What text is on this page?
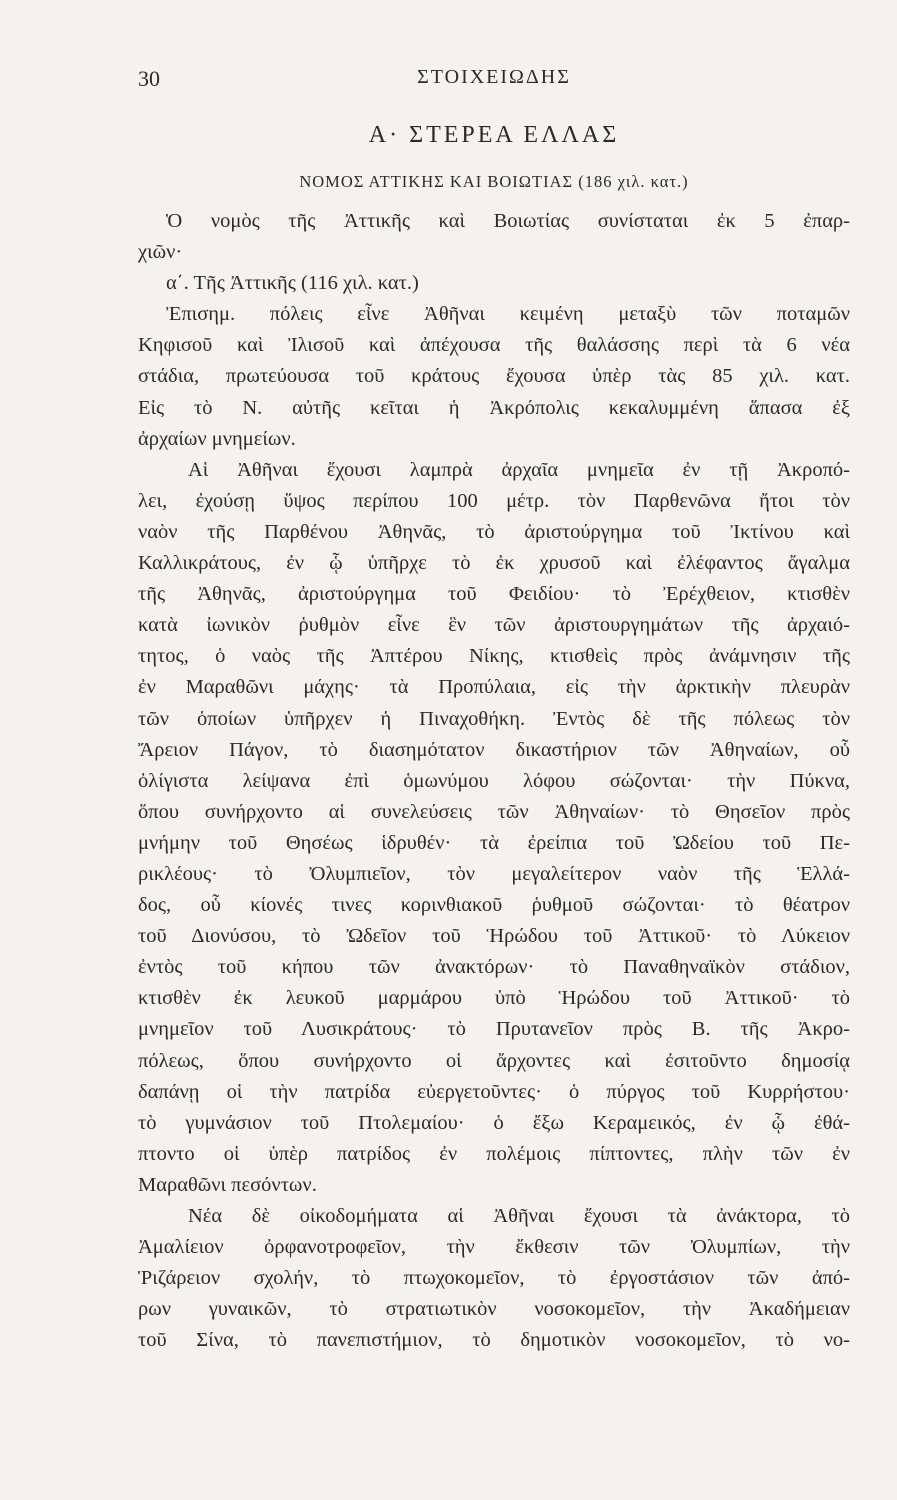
30	ΣΤΟΙΧΕΙΩΔΗΣ
Α· ΣΤΕΡΕΑ ΕΛΛΑΣ
ΝΟΜΟΣ ΑΤΤΙΚΗΣ ΚΑΙ ΒΟΙΩΤΙΑΣ (186 χιλ. κατ.)
Ὁ νομὸς τῆς Ἀττικῆς καὶ Βοιωτίας συνίσταται ἐκ 5 ἐπαρ-
χιῶν·
α΄. Τῆς Ἀττικῆς (116 χιλ. κατ.)
Ἐπισημ. πόλεις εἶνε Ἀθῆναι κειμένη μεταξὺ τῶν ποταμῶν
Κηφισοῦ καὶ Ἰλισοῦ καὶ ἀπέχουσα τῆς θαλάσσης περὶ τὰ 6 νέα
στάδια, πρωτεύουσα τοῦ κράτους ἔχουσα ὑπὲρ τὰς 85 χιλ. κατ.
Εἰς τὸ Ν. αὐτῆς κεῖται ἡ Ἀκρόπολις κεκαλυμμένη ἅπασα ἐξ
ἀρχαίων μνημείων.
Αἱ Ἀθῆναι ἔχουσι λαμπρὰ ἀρχαῖα μνημεῖα ἐν τῇ Ἀκροπό-
λει, ἐχούσῃ ὕψος περίπου 100 μέτρ. τὸν Παρθενῶνα ἤτοι τὸν
ναὸν τῆς Παρθένου Ἀθηνᾶς, τὸ ἀριστούργημα τοῦ Ἰκτίνου καὶ
Καλλικράτους, ἐν ᾧ ὑπῆρχε τὸ ἐκ χρυσοῦ καὶ ἐλέφαντος ἄγαλμα
τῆς Ἀθηνᾶς, ἀριστούργημα τοῦ Φειδίου· τὸ Ἐρέχθειον, κτισθὲν
κατὰ ἰωνικὸν ῥυθμὸν εἶνε ἓν τῶν ἀριστουργημάτων τῆς ἀρχαιό-
τητος, ὁ ναὸς τῆς Ἀπτέρου Νίκης, κτισθεὶς πρὸς ἀνάμνησιν τῆς
ἐν Μαραθῶνι μάχης· τὰ Προπύλαια, εἰς τὴν ἀρκτικὴν πλευρὰν
τῶν ὁποίων ὑπῆρχεν ἡ Πιναχοθήκη. Ἐντὸς δὲ τῆς πόλεως τὸν
Ἄρειον Πάγον, τὸ διασημότατον δικαστήριον τῶν Ἀθηναίων, οὗ
ὀλίγιστα λείψανα ἐπὶ ὁμωνύμου λόφου σώζονται· τὴν Πύκνα,
ὅπου συνήρχοντο αἱ συνελεύσεις τῶν Ἀθηναίων· τὸ Θησεῖον πρὸς
μνήμην τοῦ Θησέως ἱδρυθέν· τὰ ἐρείπια τοῦ Ὠδείου τοῦ Πε-
ρικλέους· τὸ Ὀλυμπιεῖον, τὸν μεγαλείτερον ναὸν τῆς Ἑλλά-
δος, οὗ κίονές τινες κορινθιακοῦ ῥυθμοῦ σώζονται· τὸ θέατρον
τοῦ Διονύσου, τὸ Ὠδεῖον τοῦ Ἡρώδου τοῦ Ἀττικοῦ· τὸ Λύκειον
ἐντὸς τοῦ κήπου τῶν ἀνακτόρων· τὸ Παναθηναϊκὸν στάδιον,
κτισθὲν ἐκ λευκοῦ μαρμάρου ὑπὸ Ἡρώδου τοῦ Ἀττικοῦ· τὸ
μνημεῖον τοῦ Λυσικράτους· τὸ Πρυτανεῖον πρὸς Β. τῆς Ἀκρο-
πόλεως, ὅπου συνήρχοντο οἱ ἄρχοντες καὶ ἐσιτοῦντο δημοσίᾳ
δαπάνῃ οἱ τὴν πατρίδα εὐεργετοῦντες· ὁ πύργος τοῦ Κυρρήστου·
τὸ γυμνάσιον τοῦ Πτολεμαίου· ὁ ἔξω Κεραμεικός, ἐν ᾧ ἐθά-
πτοντο οἱ ὑπὲρ πατρίδος ἐν πολέμοις πίπτοντες, πλὴν τῶν ἐν
Μαραθῶνι πεσόντων.
Νέα δὲ οἰκοδομήματα αἱ Ἀθῆναι ἔχουσι τὰ ἀνάκτορα, τὸ
Ἀμαλίειον ὀρφανοτροφεῖον, τὴν ἔκθεσιν τῶν Ὀλυμπίων, τὴν
Ῥιζάρειον σχολήν, τὸ πτωχοκομεῖον, τὸ ἐργοστάσιον τῶν ἀπό-
ρων γυναικῶν, τὸ στρατιωτικὸν νοσοκομεῖον, τὴν Ἀκαδήμειαν
τοῦ Σίνα, τὸ πανεπιστήμιον, τὸ δημοτικὸν νοσοκομεῖον, τὸ νο-
